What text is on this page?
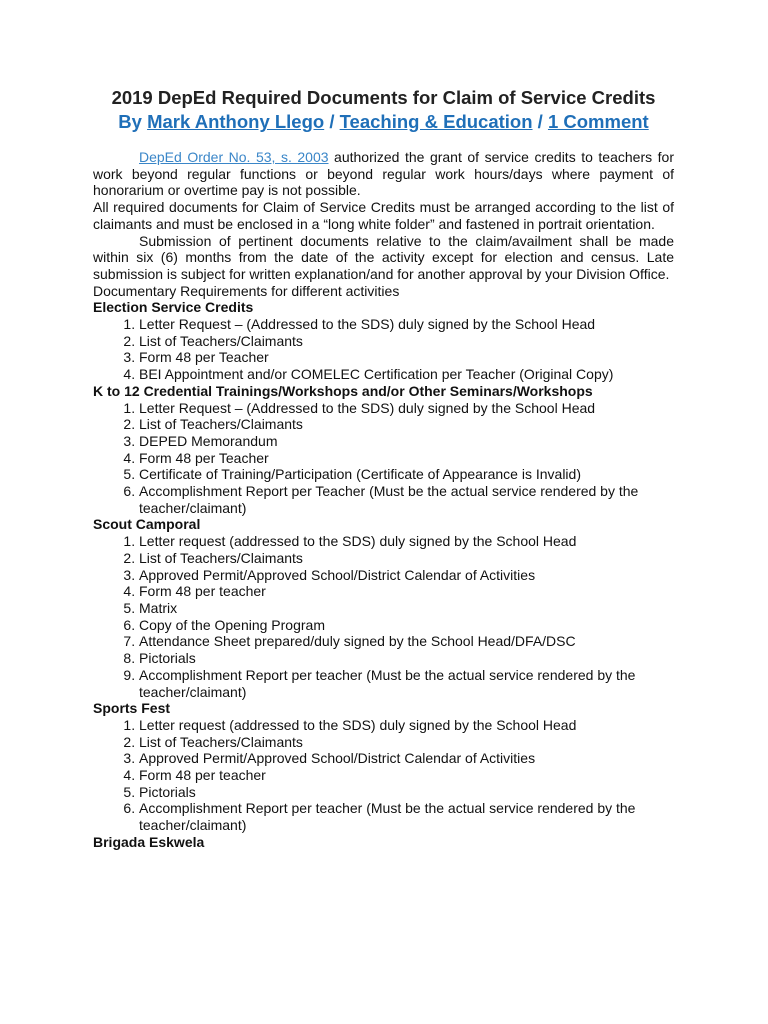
2019 DepEd Required Documents for Claim of Service Credits
By Mark Anthony Llego / Teaching & Education / 1 Comment

DepEd Order No. 53, s. 2003 authorized the grant of service credits to teachers for work beyond regular functions or beyond regular work hours/days where payment of honorarium or overtime pay is not possible.

All required documents for Claim of Service Credits must be arranged according to the list of claimants and must be enclosed in a “long white folder” and fastened in portrait orientation.

Submission of pertinent documents relative to the claim/availment shall be made within six (6) months from the date of the activity except for election and census. Late submission is subject for written explanation/and for another approval by your Division Office.

Documentary Requirements for different activities

Election Service Credits

1. Letter Request – (Addressed to the SDS) duly signed by the School Head
2. List of Teachers/Claimants
3. Form 48 per Teacher
4. BEI Appointment and/or COMELEC Certification per Teacher (Original Copy)

K to 12 Credential Trainings/Workshops and/or Other Seminars/Workshops

1. Letter Request – (Addressed to the SDS) duly signed by the School Head
2. List of Teachers/Claimants
3. DEPED Memorandum
4. Form 48 per Teacher
5. Certificate of Training/Participation (Certificate of Appearance is Invalid)
6. Accomplishment Report per Teacher (Must be the actual service rendered by the teacher/claimant)

Scout Camporal

1. Letter request (addressed to the SDS) duly signed by the School Head
2. List of Teachers/Claimants
3. Approved Permit/Approved School/District Calendar of Activities
4. Form 48 per teacher
5. Matrix
6. Copy of the Opening Program
7. Attendance Sheet prepared/duly signed by the School Head/DFA/DSC
8. Pictorials
9. Accomplishment Report per teacher (Must be the actual service rendered by the teacher/claimant)

Sports Fest

1. Letter request (addressed to the SDS) duly signed by the School Head
2. List of Teachers/Claimants
3. Approved Permit/Approved School/District Calendar of Activities
4. Form 48 per teacher
5. Pictorials
6. Accomplishment Report per teacher (Must be the actual service rendered by the teacher/claimant)

Brigada Eskwela
